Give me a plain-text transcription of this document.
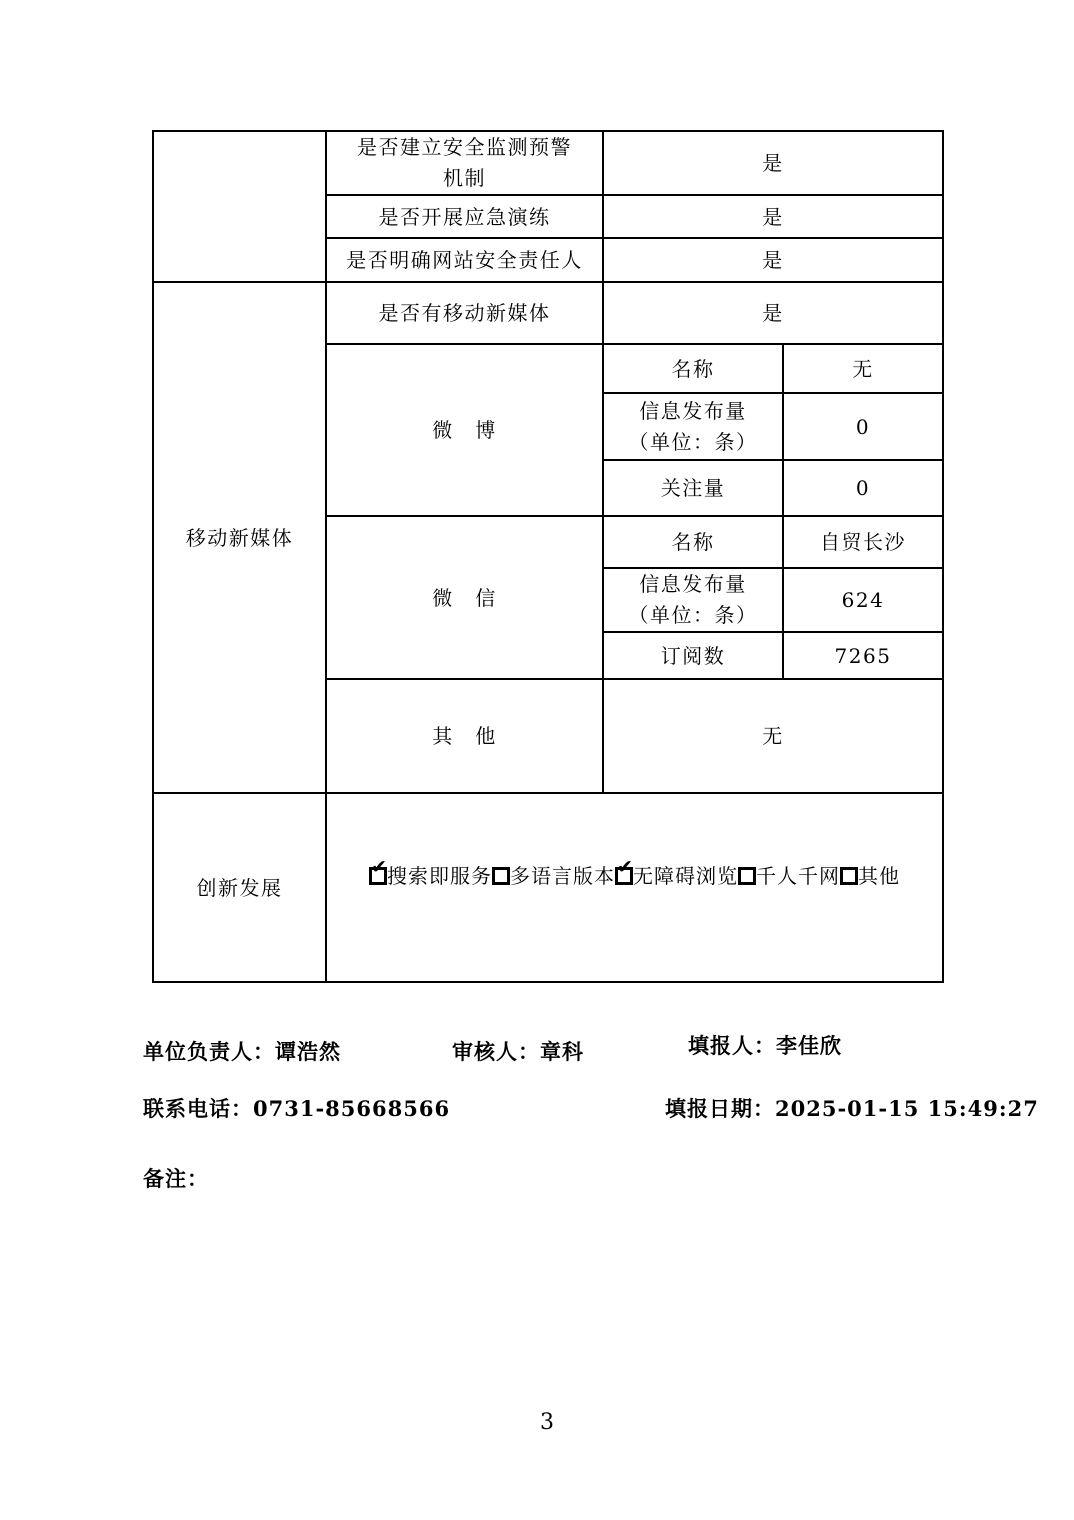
	是否建立安全监测预警
机制	是	
	是否开展应急演练	是	
	是否明确网站安全责任人	是	
移动新媒体	是否有移动新媒体	是	
	微　博	名称	无

		信息发布量
（单位：条）	0
		关注量	0
	微　信	名称	自贸长沙

		信息发布量
（单位：条）	624
		订阅数	7265
	其　他	无	
创新发展	
✔ 搜索即服务 多语言版本 ✔ 无障碍浏览 千人千网 其他
单位负责人：谭浩然	审核人：章科	填报人：李佳欣
联系电话：0731-85668566	填报日期：2025-01-15 15:49:27
备注：
3
